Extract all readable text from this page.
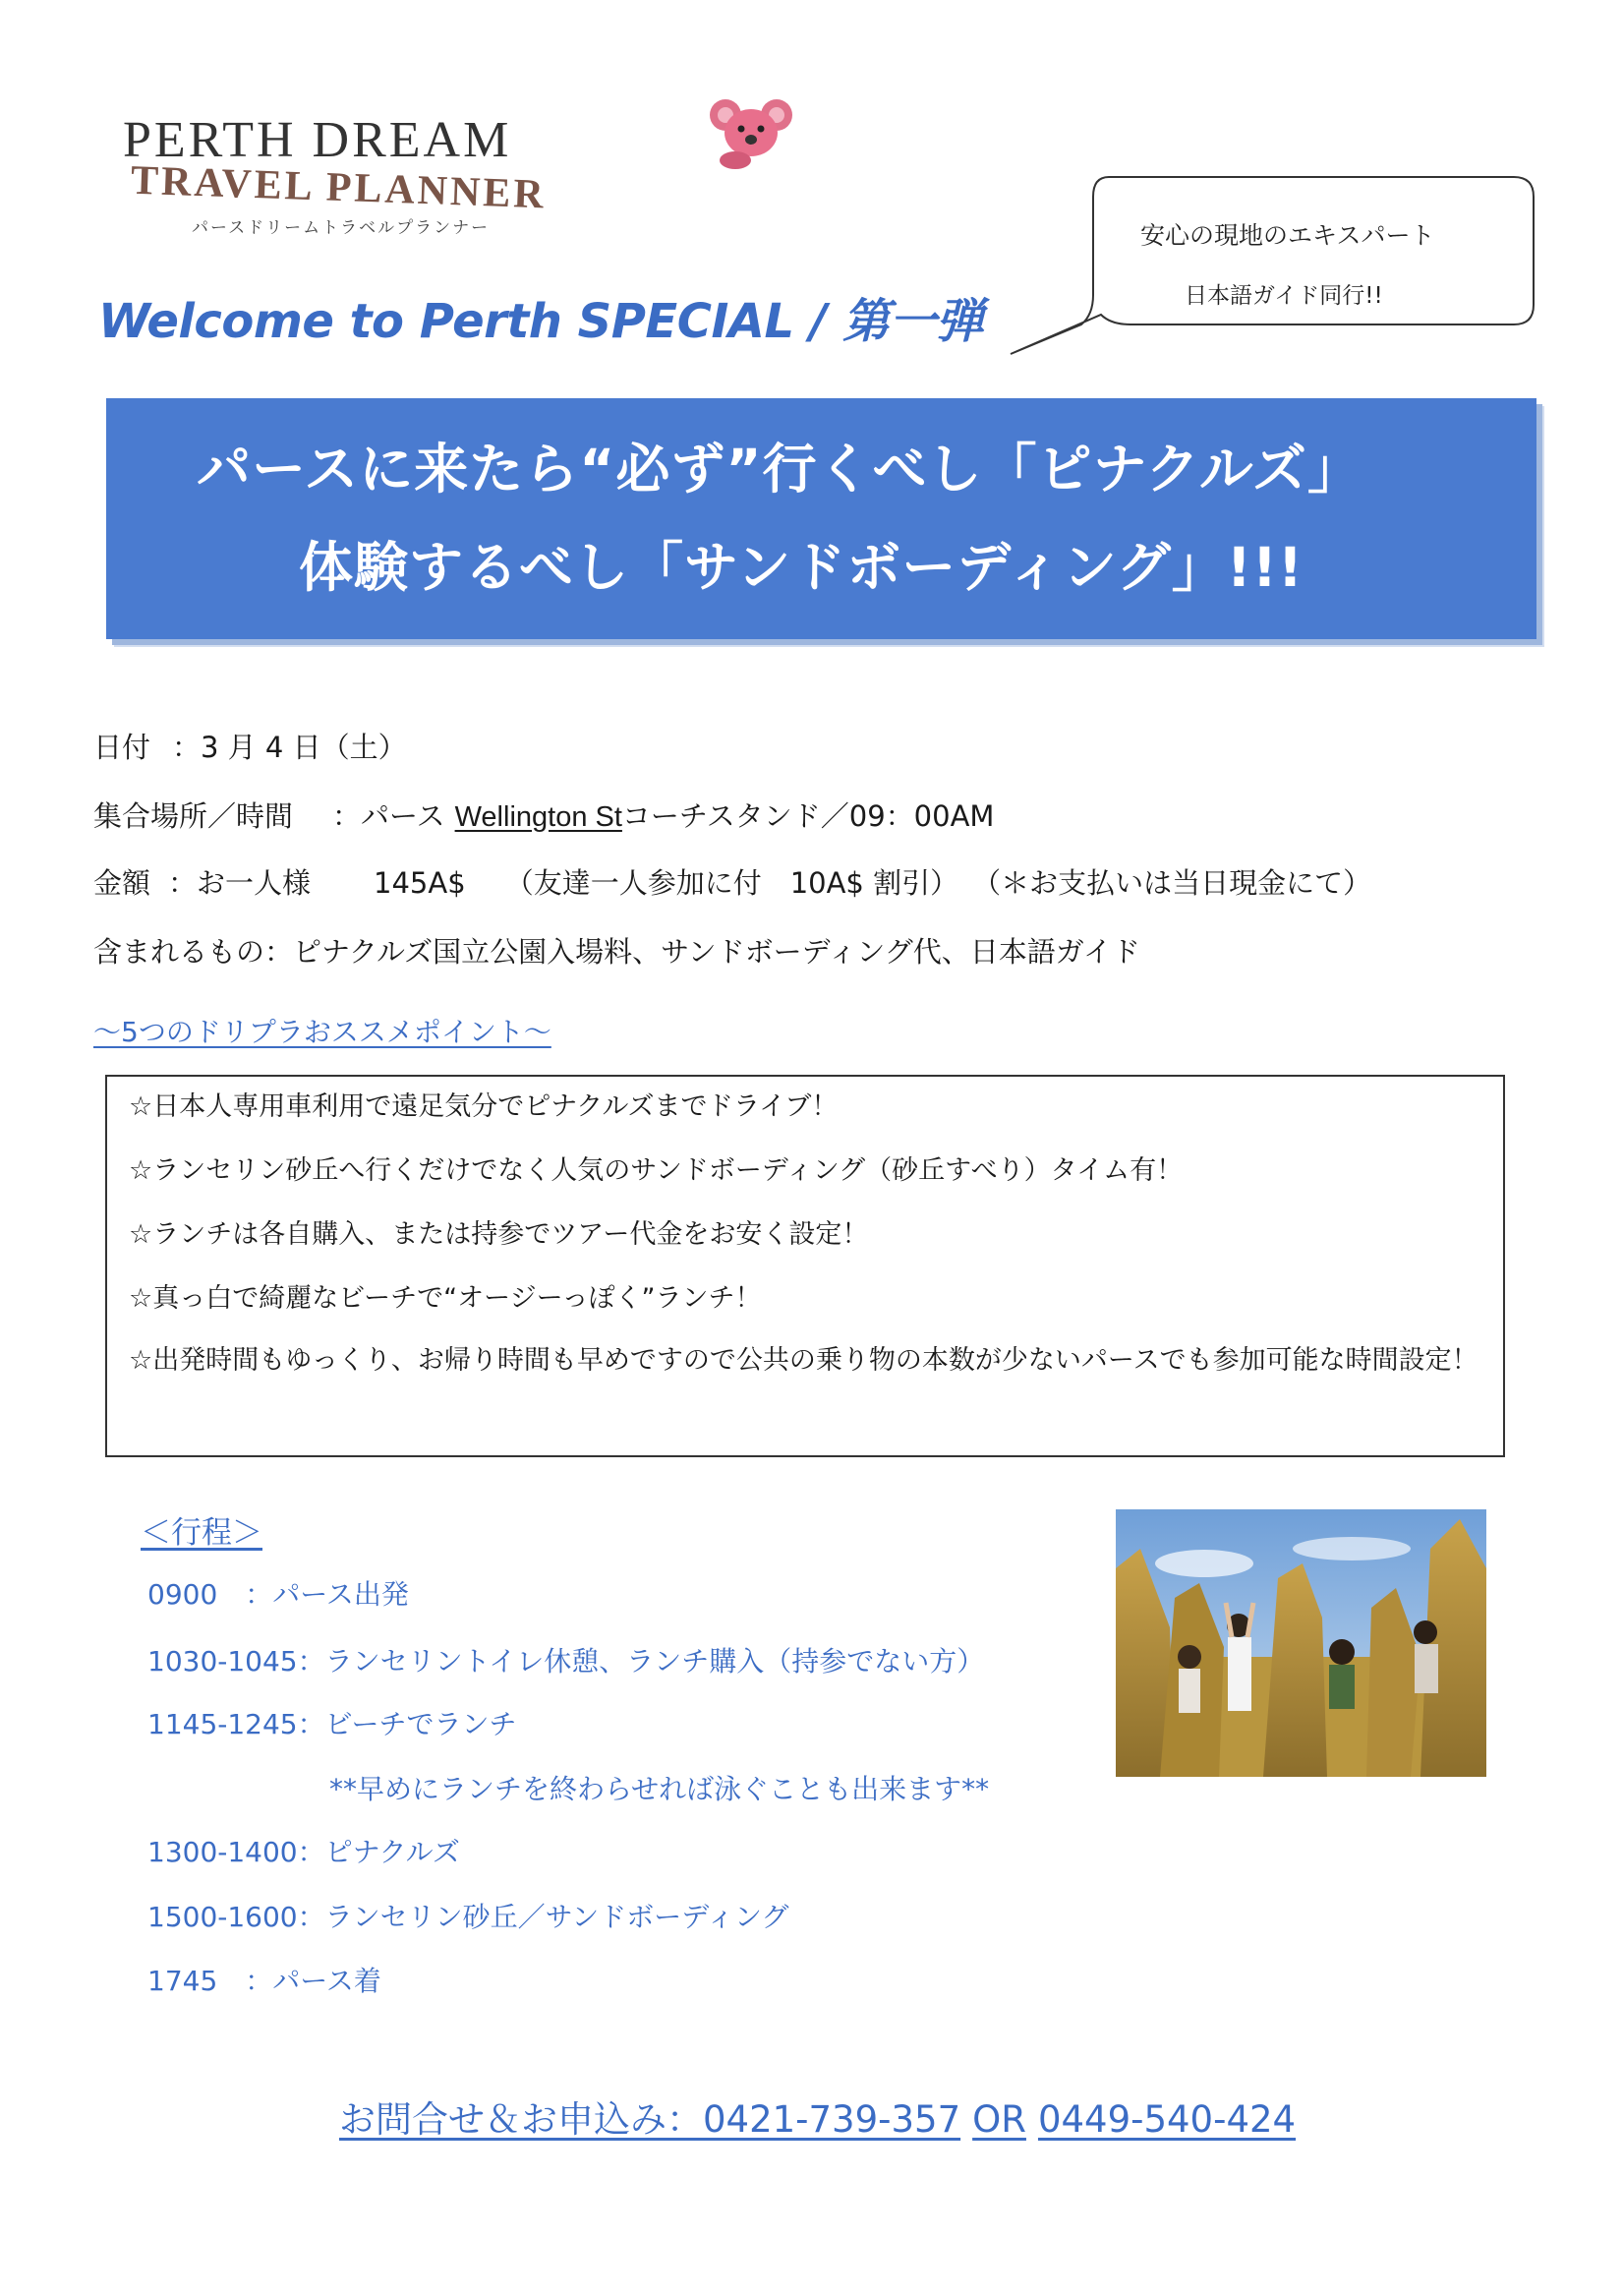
PERTH DREAM
TRAVEL PLANNER
パースドリームトラベルプランナー
Welcome to Perth SPECIAL / 第一弾
安心の現地のエキスパート
日本語ガイド同行!!
パースに来たら“必ず”行くべし「ピナクルズ」
体験するべし「サンドボーディング」!!!
日付 ：3 月 4 日（土）
集合場所／時間 ：パース Wellington Stコーチスタンド／09：00AM
金額 ：お一人様 145A$ （友達一人参加に付　10A$ 割引） （＊お支払いは当日現金にて）
含まれるもの：ピナクルズ国立公園入場料、サンドボーディング代、日本語ガイド
～5つのドリプラおススメポイント～
☆日本人専用車利用で遠足気分でピナクルズまでドライブ！
☆ランセリン砂丘へ行くだけでなく人気のサンドボーディング（砂丘すべり）タイム有！
☆ランチは各自購入、または持参でツアー代金をお安く設定！
☆真っ白で綺麗なビーチで“オージーっぽく”ランチ！
☆出発時間もゆっくり、お帰り時間も早めですので公共の乗り物の本数が少ないパースでも参加可能な時間設定！
＜行程＞
0900　：パース出発
1030-1045：ランセリントイレ休憩、ランチ購入（持参でない方）
1145-1245：ビーチでランチ
**早めにランチを終わらせれば泳ぐことも出来ます**
1300-1400：ピナクルズ
1500-1600：ランセリン砂丘／サンドボーディング
1745　：パース着
お問合せ＆お申込み：0421-739-357 OR 0449-540-424
